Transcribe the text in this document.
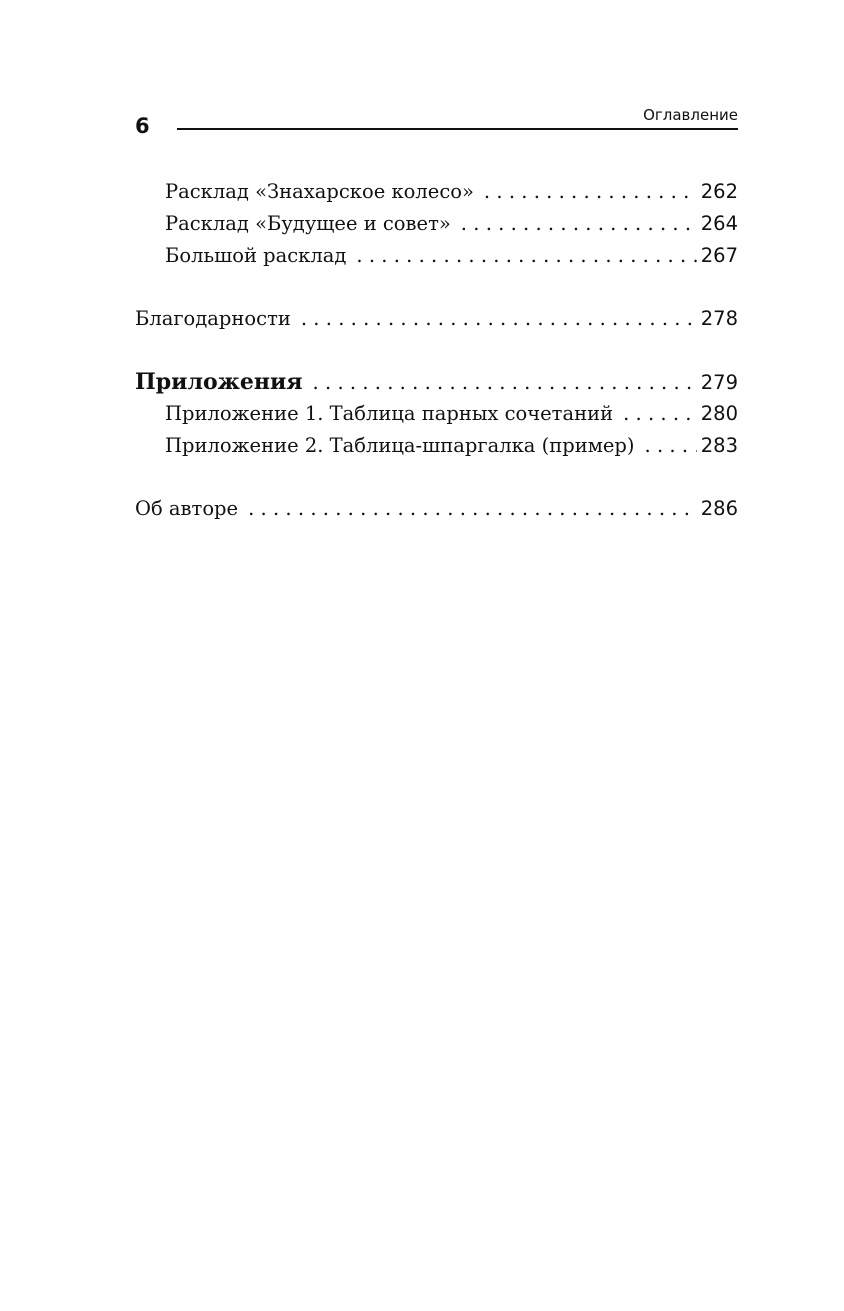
6	Оглавление
Расклад «Знахарское колесо» . . .	262
Расклад «Будущее и совет» . . .	264
Большой расклад . . .	267
Благодарности . . .	278
Приложения . . .	279
Приложение 1. Таблица парных сочетаний . . .	280
Приложение 2. Таблица-шпаргалка (пример) . . .	283
Об авторе . . .	286
